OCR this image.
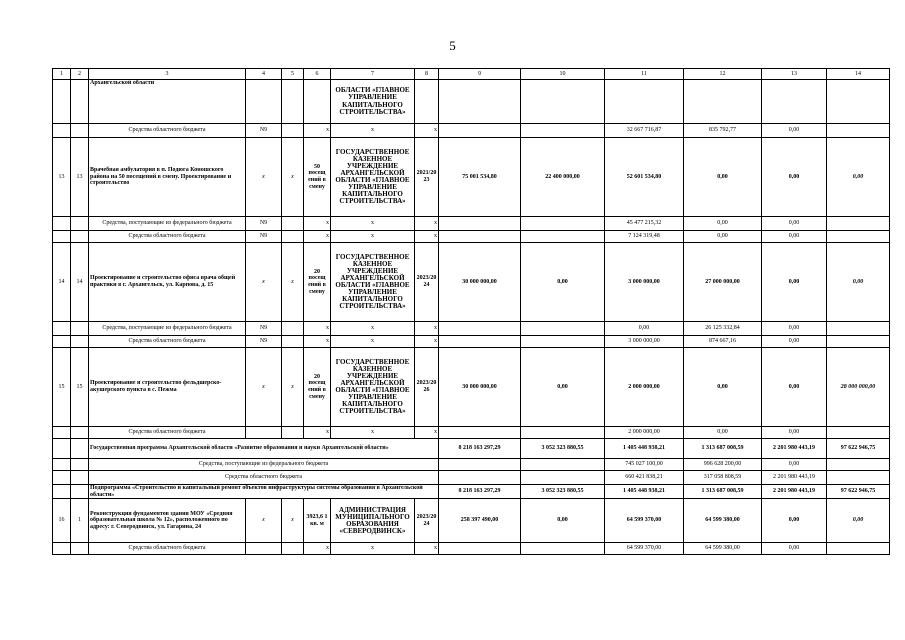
5
1	2	3	4	5	6	7	8	9	10	11	12	13	14
		Архангельской области				ОБЛАСТИ «ГЛАВНОЕ УПРАВЛЕНИЕ КАПИТАЛЬНОГО СТРОИТЕЛЬСТВА»							
		Средства областного бюджета	N9		x	x	x			32 667 716,87	835 792,77	0,00	
13	13	Врачебная амбулатория в п. Подюга Коношского района на 50 посещений в смену. Проектирование и строительство	x	x	50 посещ ений в смену	ГОСУДАРСТВЕННОЕ КАЗЕННОЕ УЧРЕЖДЕНИЕ АРХАНГЕЛЬСКОЙ ОБЛАСТИ «ГЛАВНОЕ УПРАВЛЕНИЕ КАПИТАЛЬНОГО СТРОИТЕЛЬСТВА»	2021/20 23	75 001 534,80	22 400 000,00	52 601 534,80	0,00	0,00	0,00
		Средства, поступающие из федерального бюджета	N9		x	x	x			45 477 215,32	0,00	0,00	
		Средства областного бюджета	N9		x	x	x			7 124 319,48	0,00	0,00	
14	14	Проектирование и строительство офиса врача общей практики в г. Архангельск, ул. Карпова, д. 15	x	x	20 посещ ений в смену	ГОСУДАРСТВЕННОЕ КАЗЕННОЕ УЧРЕЖДЕНИЕ АРХАНГЕЛЬСКОЙ ОБЛАСТИ «ГЛАВНОЕ УПРАВЛЕНИЕ КАПИТАЛЬНОГО СТРОИТЕЛЬСТВА»	2023/20 24	30 000 000,00	0,00	3 000 000,00	27 000 000,00	0,00	0,00
		Средства, поступающие из федерального бюджета	N9		x	x	x			0,00	26 125 332,84	0,00	
		Средства областного бюджета	N9		x	x	x			3 000 000,00	874 667,16	0,00	
15	15	Проектирование и строительство фельдшерско-акушерского пункта в с. Пежма	x	x	20 посещ ений в смену	ГОСУДАРСТВЕННОЕ КАЗЕННОЕ УЧРЕЖДЕНИЕ АРХАНГЕЛЬСКОЙ ОБЛАСТИ «ГЛАВНОЕ УПРАВЛЕНИЕ КАПИТАЛЬНОГО СТРОИТЕЛЬСТВА»	2023/20 26	30 000 000,00	0,00	2 000 000,00	0,00	0,00	28 000 000,00
		Средства областного бюджета			x	x	x			2 000 000,00	0,00	0,00	
		Государственная программа Архангельской области «Развитие образования и науки Архангельской области»						8 218 163 297,29	3 052 323 880,55	1 405 448 938,21	1 313 687 008,59	2 201 980 443,19	97 622 946,75
		Средства, поступающие из федерального бюджета								745 027 100,00	996 628 200,00	0,00	
		Средства областного бюджета								660 421 838,21	317 058 808,59	2 201 980 443,19	
		Подпрограмма «Строительство и капитальный ремонт объектов инфраструктуры системы образования в Архангельской области»						8 218 163 297,29	3 052 323 880,55	1 405 448 938,21	1 313 687 008,59	2 201 980 443,19	97 622 946,75
16	1	Реконструкция фундаментов здания МОУ «Средняя образовательная школа № 12», расположенного по адресу: г. Северодвинск, ул. Гагарина, 24	x	x	3923,6 1 кв. м	АДМИНИСТРАЦИЯ МУНИЦИПАЛЬНОГО ОБРАЗОВАНИЯ «СЕВЕРОДВИНСК»	2023/20 24	258 397 490,00	0,00	64 599 370,00	64 599 380,00	0,00	0,00
		Средства областного бюджета			x	x	x			64 599 370,00	64 599 380,00	0,00	
